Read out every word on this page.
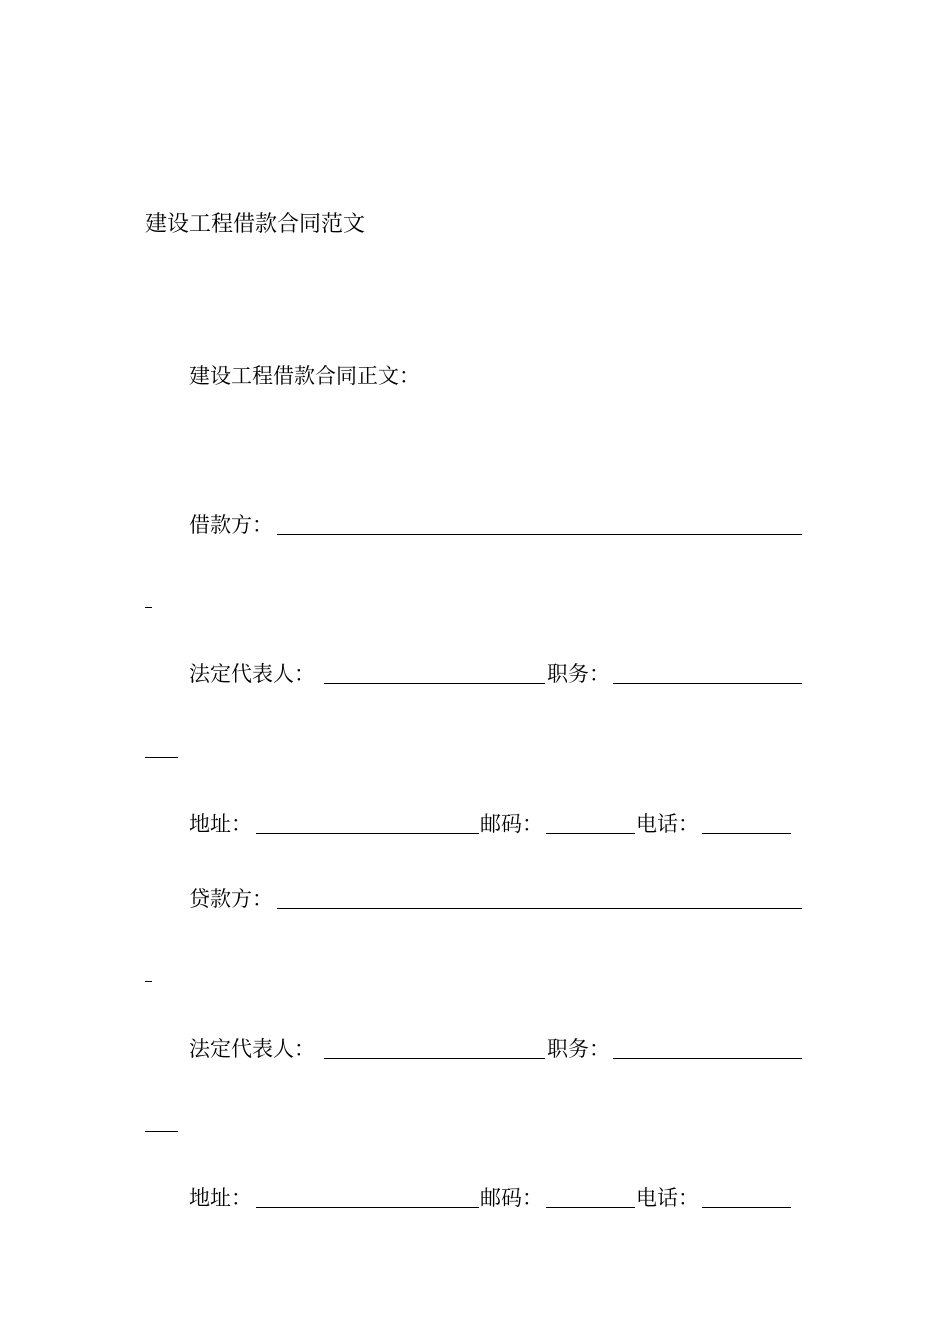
建设工程借款合同范文
建设工程借款合同正文：
借款方：
法定代表人：	职务：
地址：	邮码：	电话：
贷款方：
法定代表人：	职务：
地址：	邮码：	电话：
